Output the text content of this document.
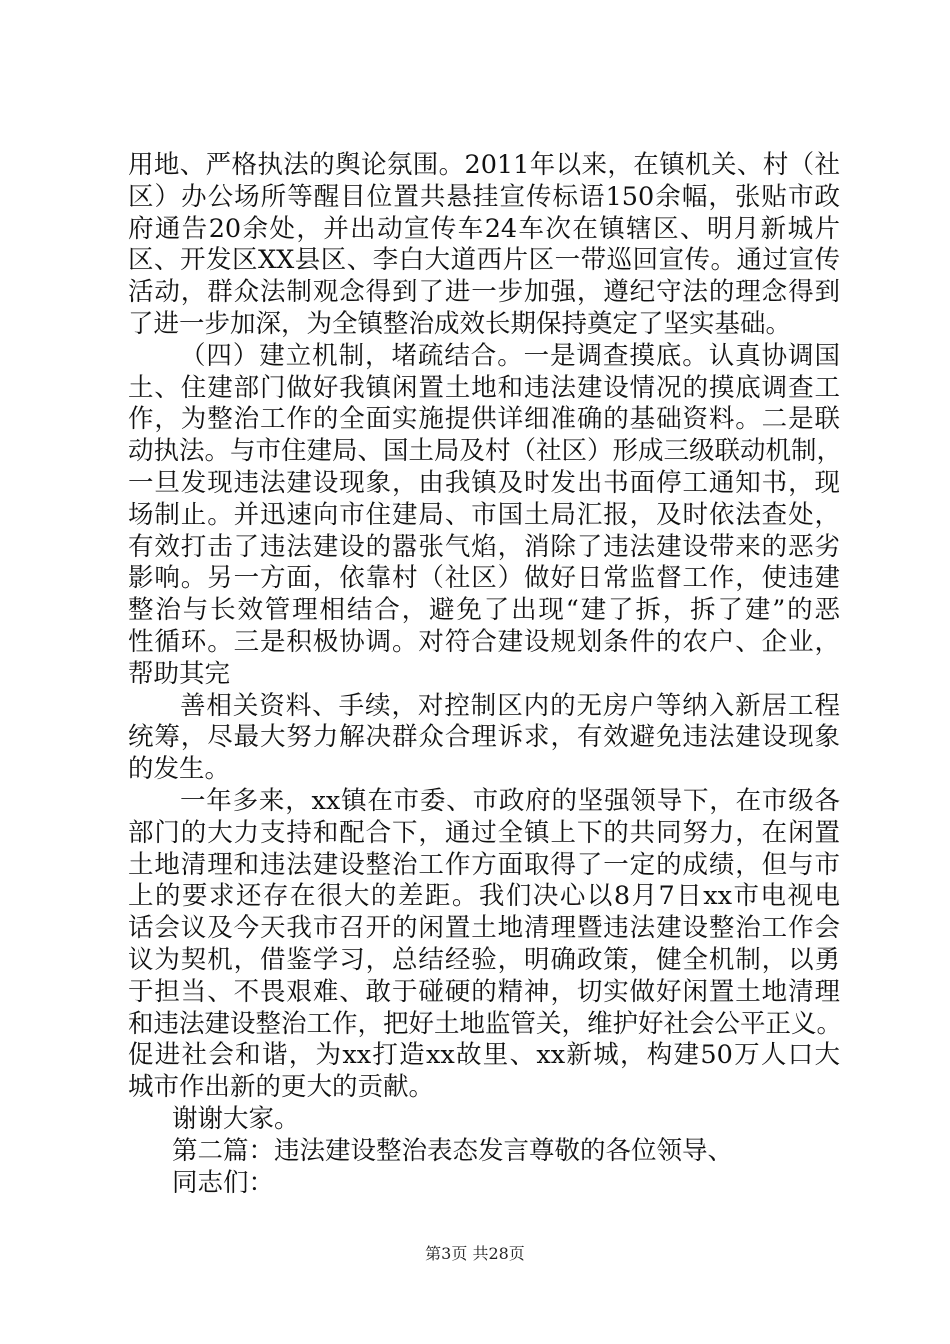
用地、严格执法的舆论氛围。2011年以来，在镇机关、村（社
区）办公场所等醒目位置共悬挂宣传标语150余幅，张贴市政
府通告20余处，并出动宣传车24车次在镇辖区、明月新城片
区、开发区XX县区、李白大道西片区一带巡回宣传。通过宣传
活动，群众法制观念得到了进一步加强，遵纪守法的理念得到
了进一步加深，为全镇整治成效长期保持奠定了坚实基础。
（四）建立机制，堵疏结合。一是调查摸底。认真协调国
土、住建部门做好我镇闲置土地和违法建设情况的摸底调查工
作，为整治工作的全面实施提供详细准确的基础资料。二是联
动执法。与市住建局、国土局及村（社区）形成三级联动机制，
一旦发现违法建设现象，由我镇及时发出书面停工通知书，现
场制止。并迅速向市住建局、市国土局汇报，及时依法查处，
有效打击了违法建设的嚣张气焰，消除了违法建设带来的恶劣
影响。另一方面，依靠村（社区）做好日常监督工作，使违建
整治与长效管理相结合，避免了出现“建了拆，拆了建”的恶
性循环。三是积极协调。对符合建设规划条件的农户、企业，
帮助其完
善相关资料、手续，对控制区内的无房户等纳入新居工程
统筹，尽最大努力解决群众合理诉求，有效避免违法建设现象
的发生。
一年多来，xx镇在市委、市政府的坚强领导下，在市级各
部门的大力支持和配合下，通过全镇上下的共同努力，在闲置
土地清理和违法建设整治工作方面取得了一定的成绩，但与市
上的要求还存在很大的差距。我们决心以8月7日xx市电视电
话会议及今天我市召开的闲置土地清理暨违法建设整治工作会
议为契机，借鉴学习，总结经验，明确政策，健全机制，以勇
于担当、不畏艰难、敢于碰硬的精神，切实做好闲置土地清理
和违法建设整治工作，把好土地监管关，维护好社会公平正义。
促进社会和谐，为xx打造xx故里、xx新城，构建50万人口大
城市作出新的更大的贡献。
谢谢大家。
第二篇：违法建设整治表态发言尊敬的各位领导、
同志们：
第3页 共28页
